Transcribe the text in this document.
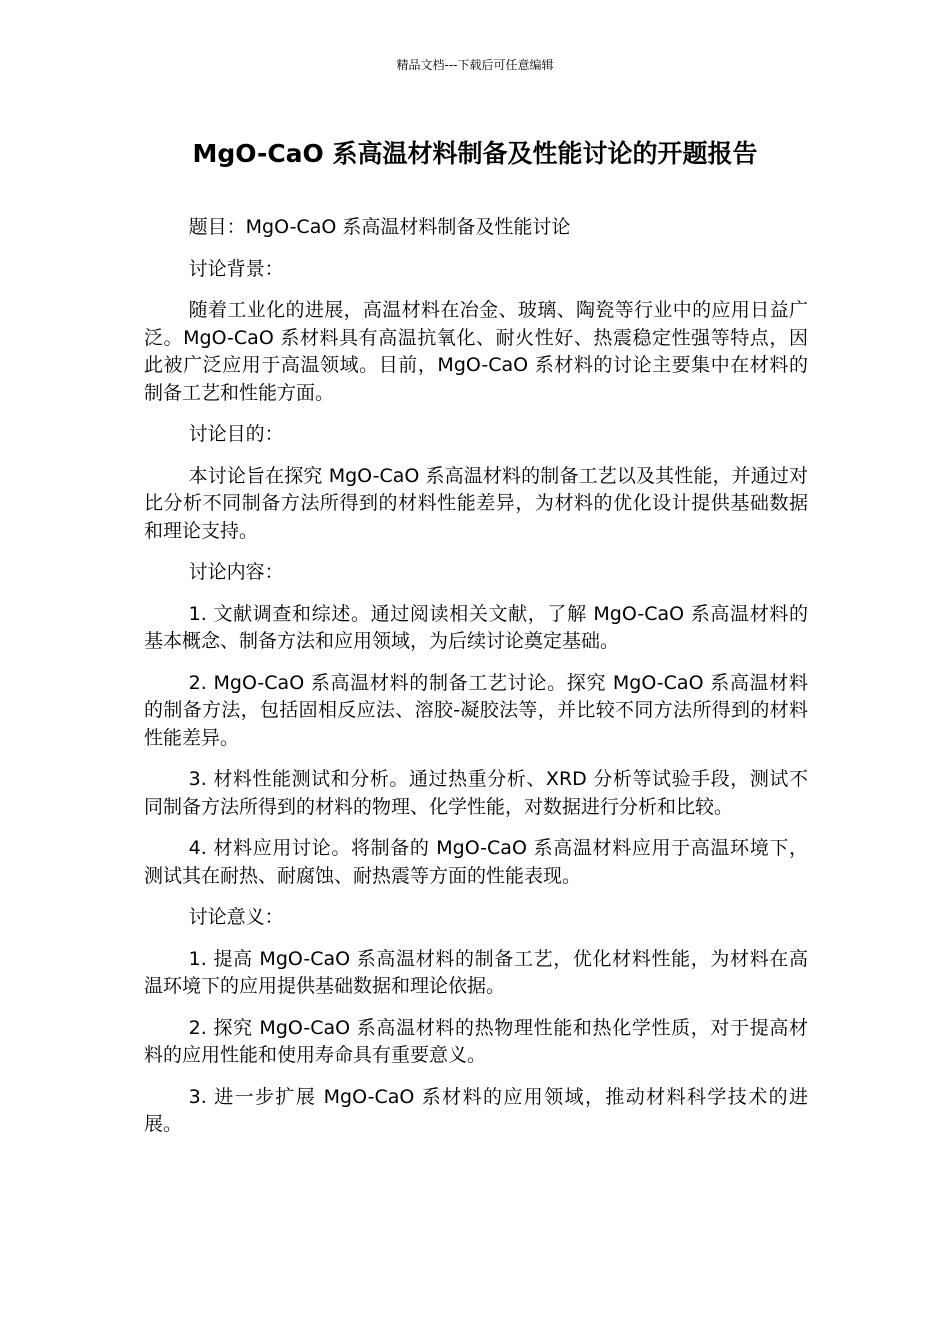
精品文档---下载后可任意编辑
MgO-CaO 系高温材料制备及性能讨论的开题报告

题目：MgO-CaO 系高温材料制备及性能讨论

讨论背景：

随着工业化的进展，高温材料在冶金、玻璃、陶瓷等行业中的应用日益广泛。MgO-CaO 系材料具有高温抗氧化、耐火性好、热震稳定性强等特点，因此被广泛应用于高温领域。目前，MgO-CaO 系材料的讨论主要集中在材料的制备工艺和性能方面。

讨论目的：

本讨论旨在探究 MgO-CaO 系高温材料的制备工艺以及其性能，并通过对比分析不同制备方法所得到的材料性能差异，为材料的优化设计提供基础数据和理论支持。

讨论内容：

1. 文献调查和综述。通过阅读相关文献，了解 MgO-CaO 系高温材料的基本概念、制备方法和应用领域，为后续讨论奠定基础。

2. MgO-CaO 系高温材料的制备工艺讨论。探究 MgO-CaO 系高温材料的制备方法，包括固相反应法、溶胶-凝胶法等，并比较不同方法所得到的材料性能差异。

3. 材料性能测试和分析。通过热重分析、XRD 分析等试验手段，测试不同制备方法所得到的材料的物理、化学性能，对数据进行分析和比较。

4. 材料应用讨论。将制备的 MgO-CaO 系高温材料应用于高温环境下，测试其在耐热、耐腐蚀、耐热震等方面的性能表现。

讨论意义：

1. 提高 MgO-CaO 系高温材料的制备工艺，优化材料性能，为材料在高温环境下的应用提供基础数据和理论依据。

2. 探究 MgO-CaO 系高温材料的热物理性能和热化学性质，对于提高材料的应用性能和使用寿命具有重要意义。

3. 进一步扩展 MgO-CaO 系材料的应用领域，推动材料科学技术的进展。
